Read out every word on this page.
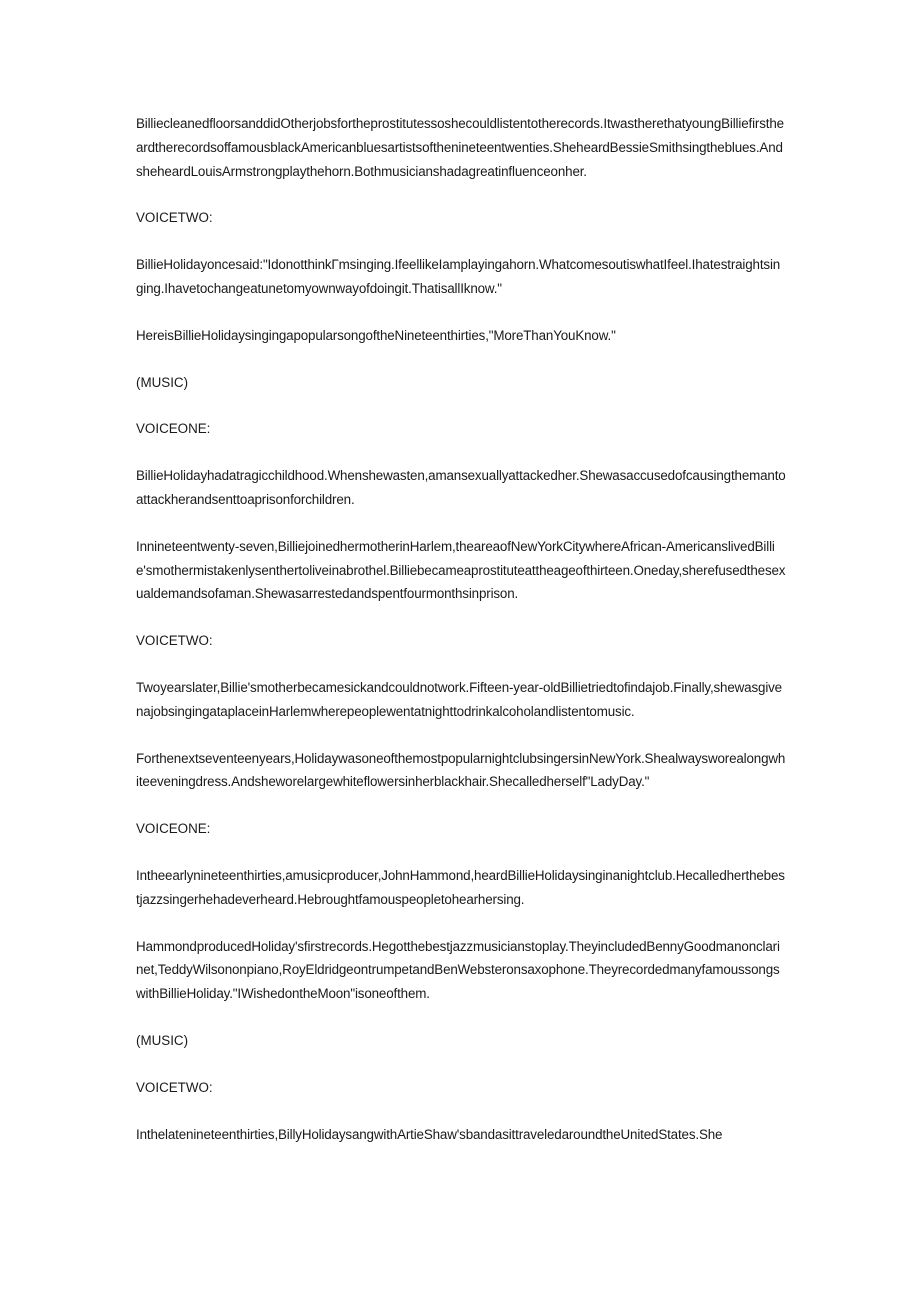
BilliecleanedfloorsanddidOtherjobsfortheprostitutessoshecouldlistentotherecords.ItwastherethatyoungBilliefirstheardtherecordsoffamousblackAmericanbluesartistsofthenineteentwenties.SheheardBessieSmithsingtheblues.AndsheheardLouisArmstrongplaythehorn.Bothmusicianshadagreatinfluenceonher.

VOICETWO:

BillieHolidayoncesaid:"IdonotthinkΓmsinging.IfeellikeIamplayingahorn.WhatcomesoutiswhatIfeel.Ihatestraightsinging.Ihavetochangeatunetomyownwayofdoingit.ThatisallIknow."

HereisBillieHolidaysingingapopularsongoftheNineteenthirties,"MoreThanYouKnow."

(MUSIC)

VOICEONE:

BillieHolidayhadatragicchildhood.Whenshewasten,amansexuallyattackedher.Shewasaccusedofcausingthemantoattackherandsenttoaprisonforchildren.

Innineteentwenty-seven,BilliejoinedhermotherinHarlem,theareaofNewYorkCitywhereAfrican-AmericanslivedBillie'smothermistakenlysenthertoliveinabrothel.Billiebecameaprostituteattheageofthirteen.Oneday,sherefusedthesexualdemandsofaman.Shewasarrestedandspentfourmonthsinprison.

VOICETWO:

Twoyearslater,Billie'smotherbecamesickandcouldnotwork.Fifteen-year-oldBillietriedtofindajob.Finally,shewasgivenajobsingingataplaceinHarlemwherepeoplewentatnighttodrinkalcoholandlistentomusic.

Forthenextseventeenyears,HolidaywasoneofthemostpopularnightclubsingersinNewYork.Shealwaysworealongwhiteeveningdress.Andsheworelargewhiteflowersinherblackhair.Shecalledherself"LadyDay."

VOICEONE:

Intheearlynineteenthirties,amusicproducer,JohnHammond,heardBillieHolidaysinginanightclub.Hecalledherthebestjazzsingerhehadeverheard.Hebroughtfamouspeopletohearhersing.

HammondproducedHoliday'sfirstrecords.Hegotthebestjazzmusicianstoplay.TheyincludedBennyGoodmanonclarinet,TeddyWilsononpiano,RoyEldridgeontrumpetandBenWebsteronsaxophone.TheyrecordedmanyfamoussongswithBillieHoliday."IWishedontheMoon"isoneofthem.

(MUSIC)

VOICETWO:

Inthelatenineteenthirties,BillyHolidaysangwithArtieShaw'sbandasittraveledaroundtheUnitedStates.She
